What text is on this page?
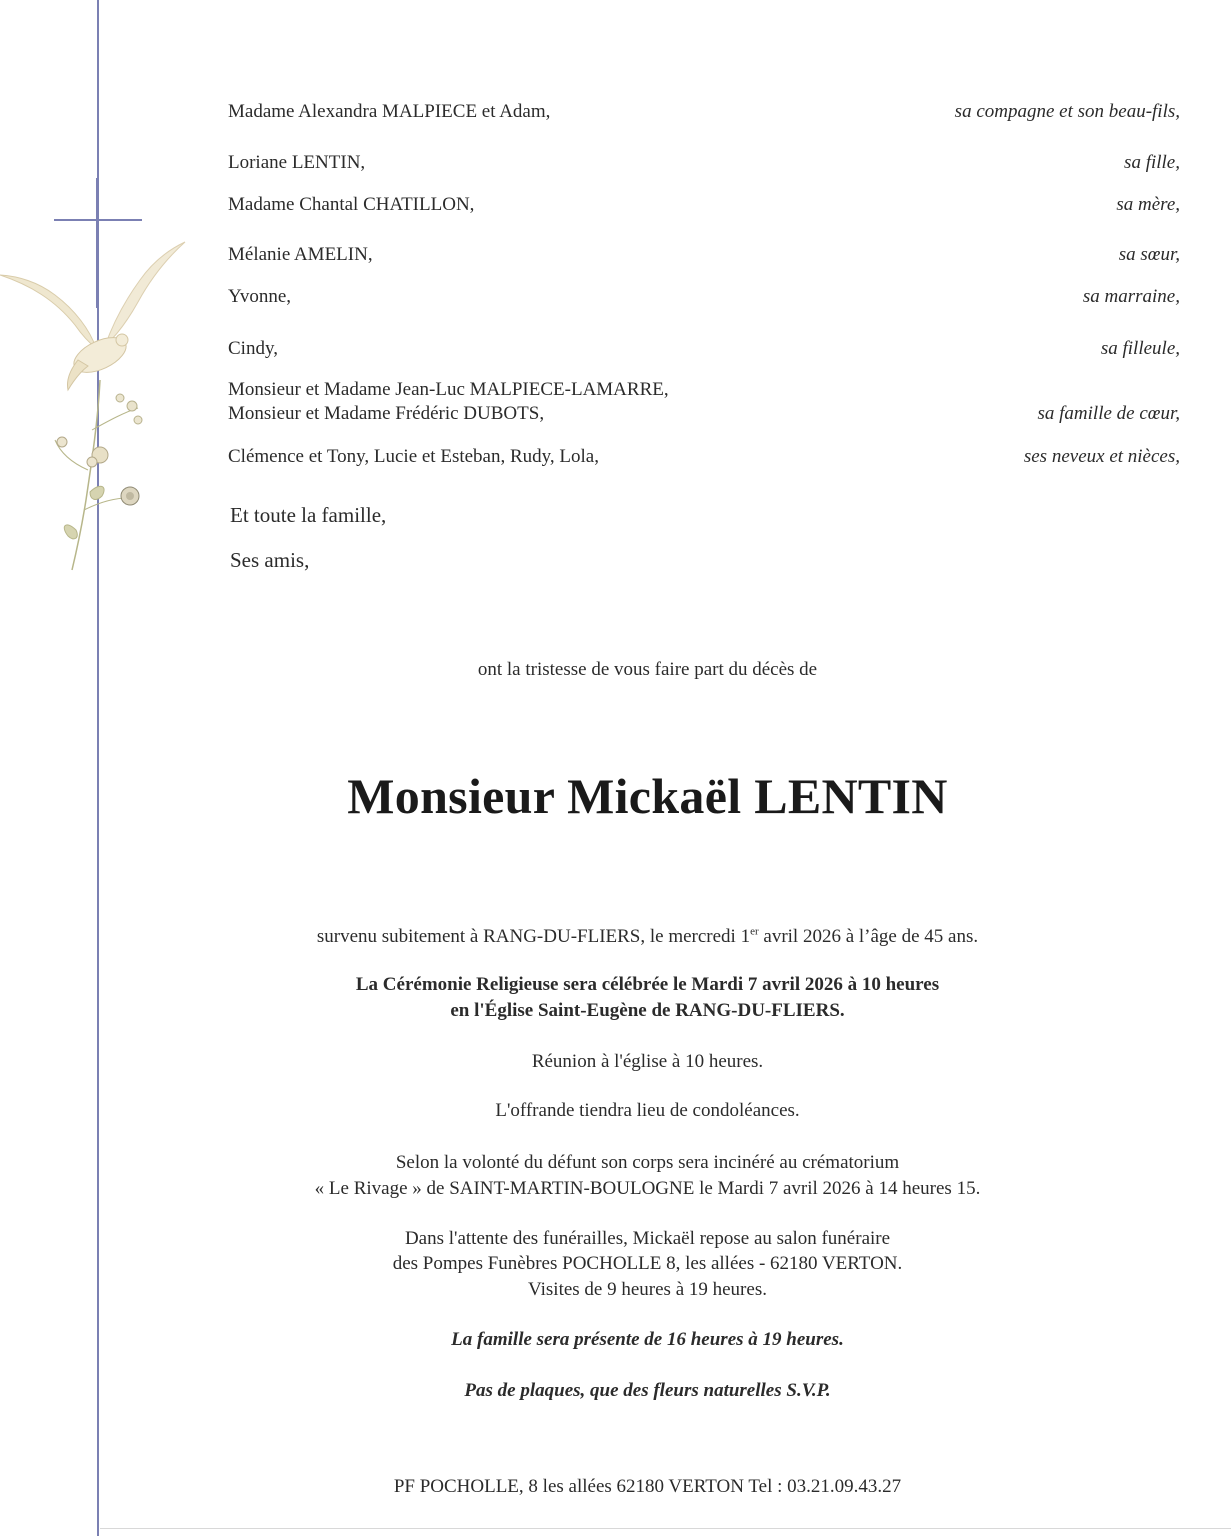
Madame Alexandra MALPIECE et Adam,	sa compagne et son beau-fils,
Loriane LENTIN,	sa fille,
Madame Chantal CHATILLON,	sa mère,
Mélanie AMELIN,	sa sœur,
Yvonne,	sa marraine,
Cindy,	sa filleule,
Monsieur et Madame Jean-Luc MALPIECE-LAMARRE,
Monsieur et Madame Frédéric DUBOTS,	sa famille de cœur,
Clémence et Tony, Lucie et Esteban, Rudy, Lola,	ses neveux et nièces,
Et toute la famille,
Ses amis,
ont la tristesse de vous faire part du décès de
Monsieur Mickaël LENTIN
survenu subitement à RANG-DU-FLIERS, le mercredi 1er avril 2026 à l’âge de 45 ans.
La Cérémonie Religieuse sera célébrée le Mardi 7 avril 2026 à 10 heures
en l'Église Saint-Eugène de RANG-DU-FLIERS.
Réunion à l'église à 10 heures.
L'offrande tiendra lieu de condoléances.
Selon la volonté du défunt son corps sera incinéré au crématorium
« Le Rivage » de SAINT-MARTIN-BOULOGNE le Mardi 7 avril 2026 à 14 heures 15.
Dans l'attente des funérailles, Mickaël repose au salon funéraire
des Pompes Funèbres POCHOLLE 8, les allées - 62180 VERTON.
Visites de 9 heures à 19 heures.
La famille sera présente de 16 heures à 19 heures.
Pas de plaques, que des fleurs naturelles S.V.P.
PF POCHOLLE, 8 les allées 62180 VERTON Tel : 03.21.09.43.27
